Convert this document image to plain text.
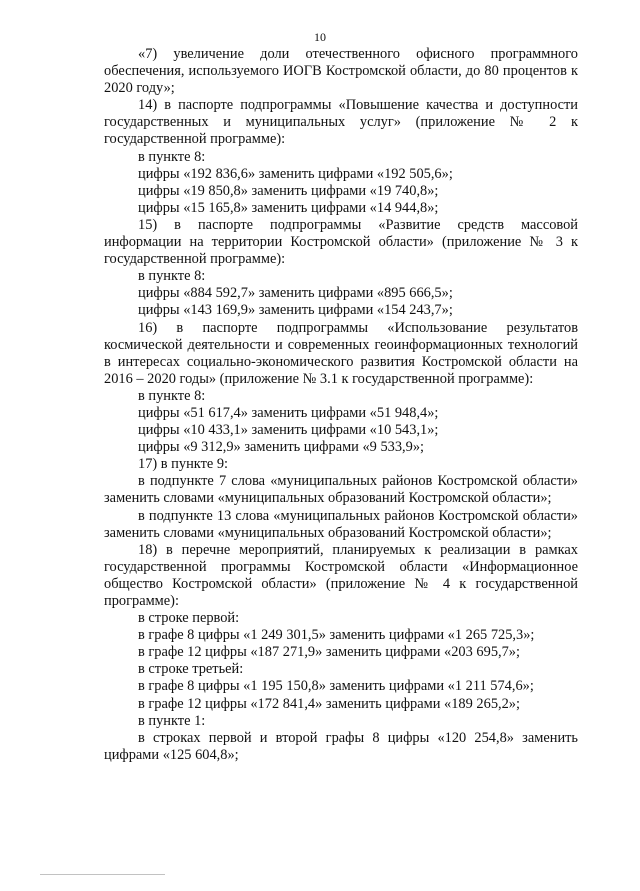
10

«7) увеличение доли отечественного офисного программного обеспечения, используемого ИОГВ Костромской области, до 80 процентов к 2020 году»;

14) в паспорте подпрограммы «Повышение качества и доступности государственных и муниципальных услуг» (приложение № 2 к государственной программе):

в пункте 8:

цифры «192 836,6» заменить цифрами «192 505,6»;

цифры «19 850,8» заменить цифрами «19 740,8»;

цифры «15 165,8» заменить цифрами «14 944,8»;

15) в паспорте подпрограммы «Развитие средств массовой информации на территории Костромской области» (приложение № 3 к государственной программе):

в пункте 8:

цифры «884 592,7» заменить цифрами «895 666,5»;

цифры «143 169,9» заменить цифрами «154 243,7»;

16) в паспорте подпрограммы «Использование результатов космической деятельности и современных геоинформационных технологий в интересах социально-экономического развития Костромской области на 2016 – 2020 годы» (приложение № 3.1 к государственной программе):

в пункте 8:

цифры «51 617,4» заменить цифрами «51 948,4»;

цифры «10 433,1» заменить цифрами «10 543,1»;

цифры «9 312,9» заменить цифрами «9 533,9»;

17) в пункте 9:

в подпункте 7 слова «муниципальных районов Костромской области» заменить словами «муниципальных образований Костромской области»;

в подпункте 13 слова «муниципальных районов Костромской области» заменить словами «муниципальных образований Костромской области»;

18) в перечне мероприятий, планируемых к реализации в рамках государственной программы Костромской области «Информационное общество Костромской области» (приложение № 4 к государственной программе):

в строке первой:

в графе 8 цифры «1 249 301,5» заменить цифрами «1 265 725,3»;

в графе 12 цифры «187 271,9» заменить цифрами «203 695,7»;

в строке третьей:

в графе 8 цифры «1 195 150,8» заменить цифрами «1 211 574,6»;

в графе 12 цифры «172 841,4» заменить цифрами «189 265,2»;

в пункте 1:

в строках первой и второй графы 8 цифры «120 254,8» заменить цифрами «125 604,8»;
